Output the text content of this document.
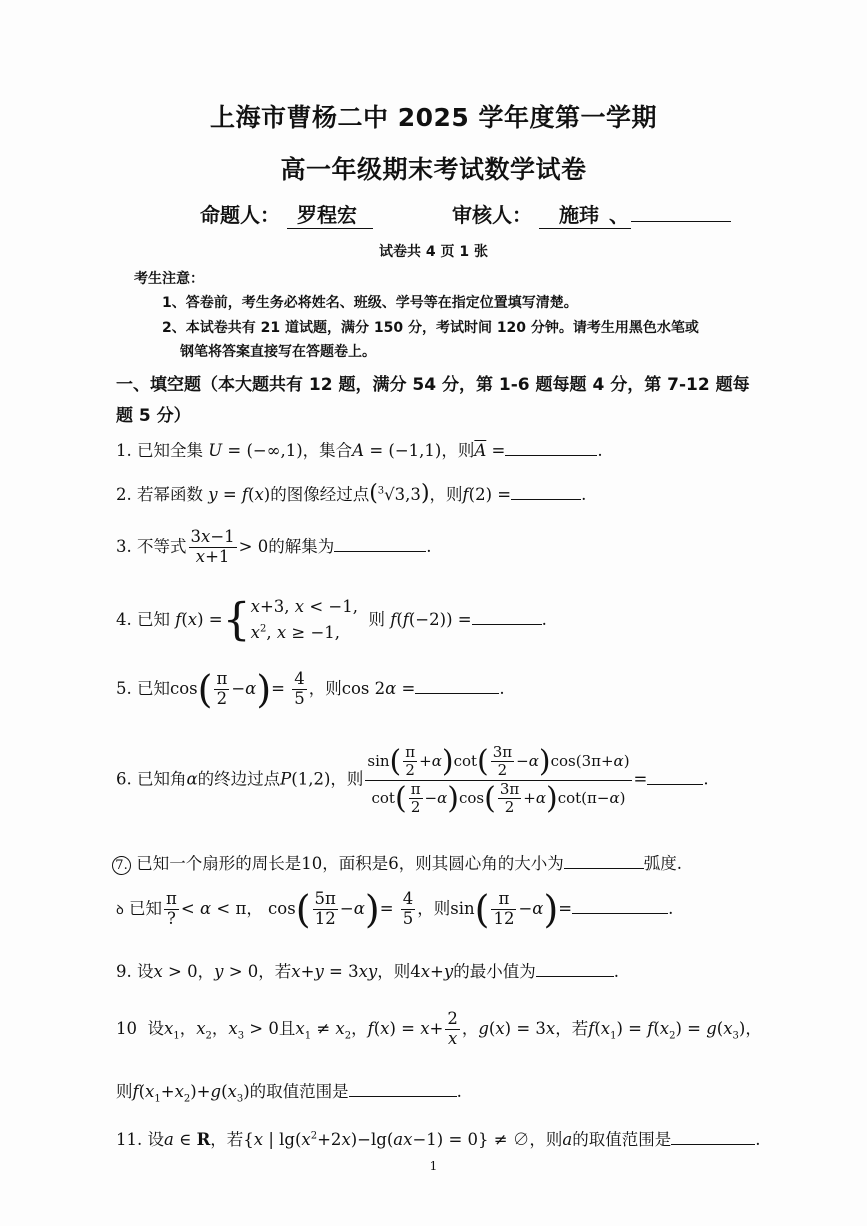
上海市曹杨二中 2025 学年度第一学期
高一年级期末考试数学试卷
命题人： 罗程宏	审核人： 施玮 、
试卷共 4 页 1 张
考生注意：
1、答卷前，考生务必将姓名、班级、学号等在指定位置填写清楚。
2、本试卷共有 21 道试题，满分 150 分，考试时间 120 分钟。请考生用黑色水笔或
钢笔将答案直接写在答题卷上。
一、填空题（本大题共有 12 题，满分 54 分，第 1-6 题每题 4 分，第 7-12 题每
题 5 分）
1. 已知全集 U = (−∞,1)，集合A = (−1,1)，则$\overline{A}$ =	.
2. 若幂函数 y = f(x)的图像经过点($^3$√3,3)，则f(2) =	.
3. 不等式 $\frac{3x-1}{x+1} > 0$的解集为	.
4. 已知 f(x) ={x+3, x < −1,
$x^2$, x ≥ −1,  则 f(f(−2)) =	.
5. 已知$\cos( \frac{\pi}{2} -\alpha)= \frac{4}{5}$ ，则cos 2α =	.
6. 已知角α的终边过点P(1,2)，则 $\frac{\sin( \frac{\pi}{2} +\alpha)\cot( \frac{3\pi}{2} -\alpha)\cos(3\pi+\alpha)}{\cot( \frac{\pi}{2} -\alpha)\cos( \frac{3\pi}{2} +\alpha)\cot(\pi-\alpha)}$ =	.
7. 已知一个扇形的周长是10，面积是6，则其圆心角的大小为	弧度.
ꝺ 已知 $\frac{\pi}{?} < \alpha < \pi$， $\cos( \frac{5\pi}{12} -\alpha)= \frac{4}{5}$ ，则$\sin( \frac{\pi}{12} -\alpha)=$	.
9. 设x > 0，y > 0，若x+y = 3xy，则4x+y的最小值为	.
10 设$x_1$，$x_2$，$x_3 > 0$且$x_1 \ne x_2$，$f(x) = x+ \frac{2}{x}$ ，g(x) = 3x，若$f(x_1) = f(x_2) = g(x_3)$，
则$f(x_1+x_2)+g(x_3)$的取值范围是	.
11. 设a ∈ R，若{x | $\lg(x^2+2x)-\lg(ax-1) = 0$} ≠ ∅，则a的取值范围是	.
1
